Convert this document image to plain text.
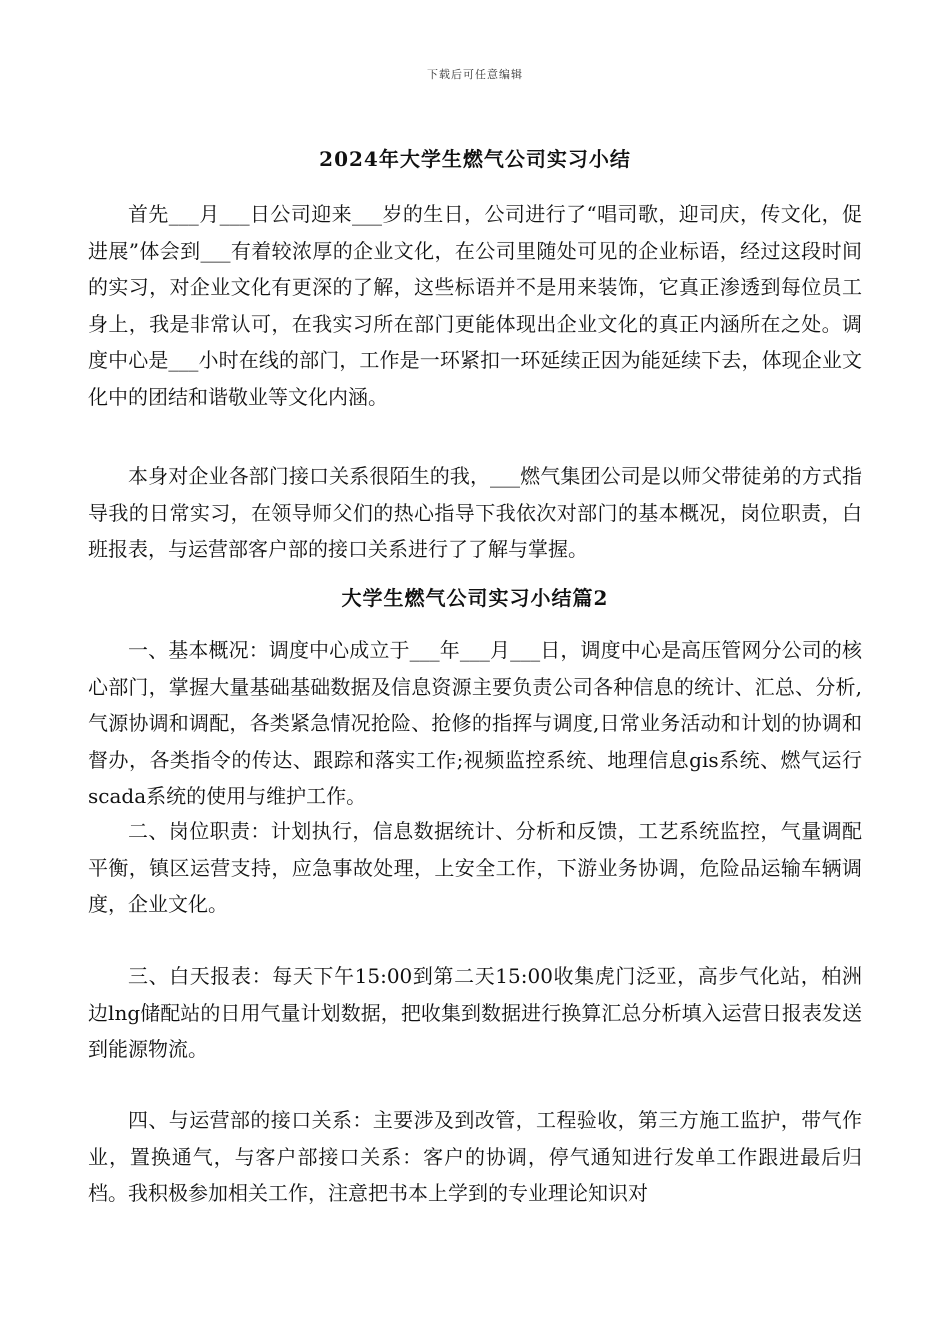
下载后可任意编辑
2024年大学生燃气公司实习小结

首先___月___日公司迎来___岁的生日，公司进行了“唱司歌，迎司庆，传文化，促进展”体会到___有着较浓厚的企业文化，在公司里随处可见的企业标语，经过这段时间的实习，对企业文化有更深的了解，这些标语并不是用来装饰，它真正渗透到每位员工身上，我是非常认可，在我实习所在部门更能体现出企业文化的真正内涵所在之处。调度中心是___小时在线的部门，工作是一环紧扣一环延续正因为能延续下去，体现企业文化中的团结和谐敬业等文化内涵。

本身对企业各部门接口关系很陌生的我，___燃气集团公司是以师父带徒弟的方式指导我的日常实习，在领导师父们的热心指导下我依次对部门的基本概况，岗位职责，白班报表，与运营部客户部的接口关系进行了了解与掌握。

大学生燃气公司实习小结篇2

一、基本概况：调度中心成立于___年___月___日，调度中心是高压管网分公司的核心部门，掌握大量基础基础数据及信息资源主要负责公司各种信息的统计、汇总、分析,气源协调和调配，各类紧急情况抢险、抢修的指挥与调度,日常业务活动和计划的协调和督办，各类指令的传达、跟踪和落实工作;视频监控系统、地理信息gis系统、燃气运行scada系统的使用与维护工作。

二、岗位职责：计划执行，信息数据统计、分析和反馈，工艺系统监控，气量调配平衡，镇区运营支持，应急事故处理，上安全工作，下游业务协调，危险品运输车辆调度，企业文化。

三、白天报表：每天下午15:00到第二天15:00收集虎门泛亚，高步气化站，柏洲边lng储配站的日用气量计划数据，把收集到数据进行换算汇总分析填入运营日报表发送到能源物流。

四、与运营部的接口关系：主要涉及到改管，工程验收，第三方施工监护，带气作业，置换通气，与客户部接口关系：客户的协调，停气通知进行发单工作跟进最后归档。我积极参加相关工作，注意把书本上学到的专业理论知识对
